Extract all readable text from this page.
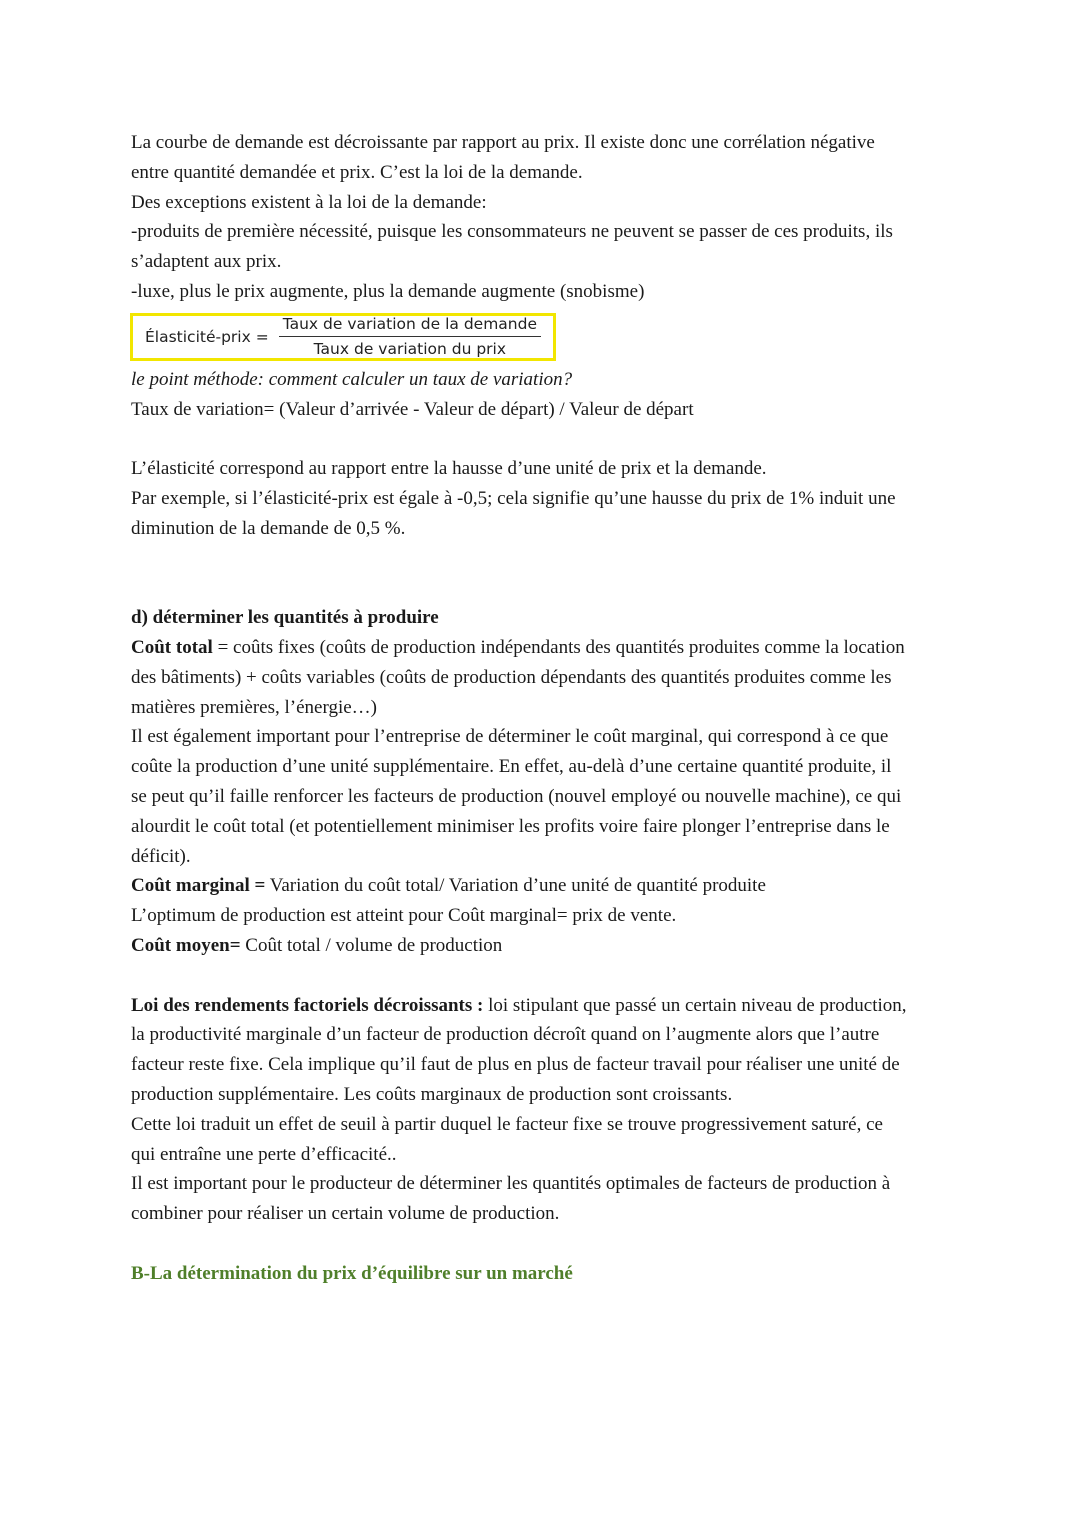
La courbe de demande est décroissante par rapport au prix. Il existe donc une corrélation négative
entre quantité demandée et prix. C’est la loi de la demande.
Des exceptions existent à la loi de la demande:
-produits de première nécessité, puisque les consommateurs ne peuvent se passer de ces produits, ils
s’adaptent aux prix.
-luxe, plus le prix augmente, plus la demande augmente (snobisme)
Élasticité-prix = $\frac{\text{Taux de variation de la demande}}{\text{Taux de variation du prix}}$
le point méthode: comment calculer un taux de variation?
Taux de variation= (Valeur d’arrivée - Valeur de départ) / Valeur de départ
L’élasticité correspond au rapport entre la hausse d’une unité de prix et la demande.
Par exemple, si l’élasticité-prix est égale à -0,5; cela signifie qu’une hausse du prix de 1% induit une
diminution de la demande de 0,5 %.
d) déterminer les quantités à produire
Coût total = coûts fixes (coûts de production indépendants des quantités produites comme la location
des bâtiments) + coûts variables (coûts de production dépendants des quantités produites comme les
matières premières, l’énergie…)
Il est également important pour l’entreprise de déterminer le coût marginal, qui correspond à ce que
coûte la production d’une unité supplémentaire. En effet, au-delà d’une certaine quantité produite, il
se peut qu’il faille renforcer les facteurs de production (nouvel employé ou nouvelle machine), ce qui
alourdit le coût total (et potentiellement minimiser les profits voire faire plonger l’entreprise dans le
déficit).
Coût marginal = Variation du coût total/ Variation d’une unité de quantité produite
L’optimum de production est atteint pour Coût marginal= prix de vente.
Coût moyen= Coût total / volume de production
Loi des rendements factoriels décroissants : loi stipulant que passé un certain niveau de production,
la productivité marginale d’un facteur de production décroît quand on l’augmente alors que l’autre
facteur reste fixe. Cela implique qu’il faut de plus en plus de facteur travail pour réaliser une unité de
production supplémentaire. Les coûts marginaux de production sont croissants.
Cette loi traduit un effet de seuil à partir duquel le facteur fixe se trouve progressivement saturé, ce
qui entraîne une perte d’efficacité..
Il est important pour le producteur de déterminer les quantités optimales de facteurs de production à
combiner pour réaliser un certain volume de production.
B-La détermination du prix d’équilibre sur un marché
